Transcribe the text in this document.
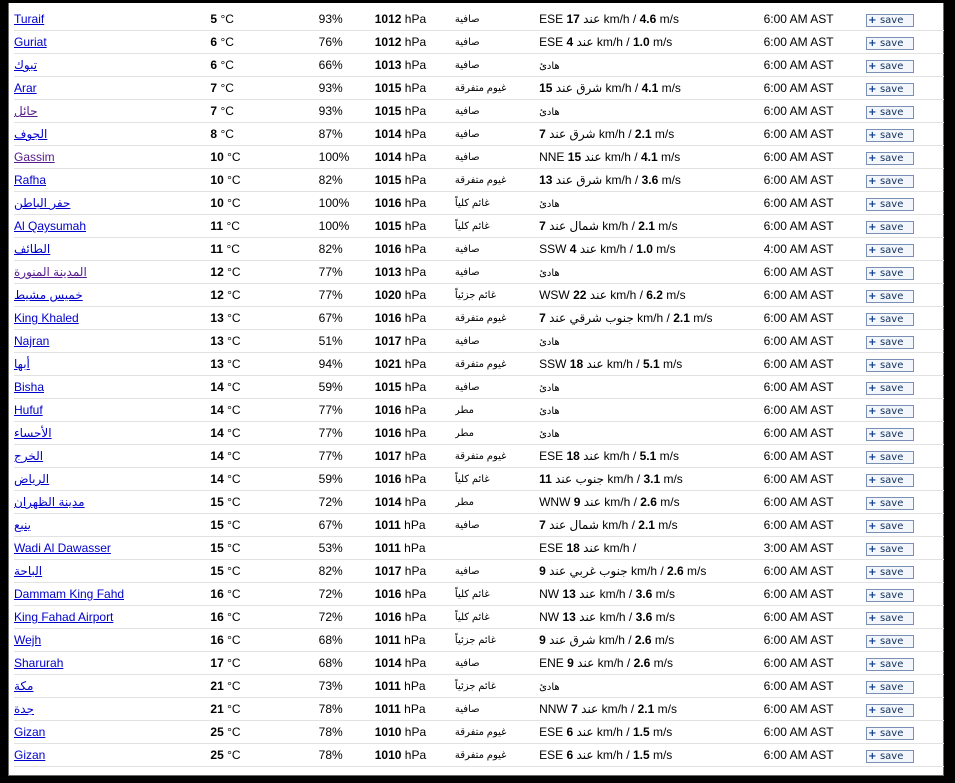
Turaif	5 °C	93%	1012 hPa	صافية	ESE 17 عند km/h / 4.6 m/s	6:00 AM AST	+ save
Guriat	6 °C	76%	1012 hPa	صافية	ESE 4 عند km/h / 1.0 m/s	6:00 AM AST	+ save
تبوك	6 °C	66%	1013 hPa	صافية	هادئ	6:00 AM AST	+ save
Arar	7 °C	93%	1015 hPa	غيوم متفرقة	شرق عند 15 km/h / 4.1 m/s	6:00 AM AST	+ save
حائل	7 °C	93%	1015 hPa	صافية	هادئ	6:00 AM AST	+ save
الجوف	8 °C	87%	1014 hPa	صافية	شرق عند 7 km/h / 2.1 m/s	6:00 AM AST	+ save
Gassim	10 °C	100%	1014 hPa	صافية	NNE 15 عند km/h / 4.1 m/s	6:00 AM AST	+ save
Rafha	10 °C	82%	1015 hPa	غيوم متفرقة	شرق عند 13 km/h / 3.6 m/s	6:00 AM AST	+ save
حفر الباطن	10 °C	100%	1016 hPa	غائم كلياً	هادئ	6:00 AM AST	+ save
Al Qaysumah	11 °C	100%	1015 hPa	غائم كلياً	شمال عند 7 km/h / 2.1 m/s	6:00 AM AST	+ save
الطائف	11 °C	82%	1016 hPa	صافية	SSW 4 عند km/h / 1.0 m/s	4:00 AM AST	+ save
المدينة المنورة	12 °C	77%	1013 hPa	صافية	هادئ	6:00 AM AST	+ save
خميس مشيط	12 °C	77%	1020 hPa	غائم جزئياً	WSW 22 عند km/h / 6.2 m/s	6:00 AM AST	+ save
King Khaled	13 °C	67%	1016 hPa	غيوم متفرقة	جنوب شرقي عند 7 km/h / 2.1 m/s	6:00 AM AST	+ save
Najran	13 °C	51%	1017 hPa	صافية	هادئ	6:00 AM AST	+ save
أبها	13 °C	94%	1021 hPa	غيوم متفرقة	SSW 18 عند km/h / 5.1 m/s	6:00 AM AST	+ save
Bisha	14 °C	59%	1015 hPa	صافية	هادئ	6:00 AM AST	+ save
Hufuf	14 °C	77%	1016 hPa	مطر	هادئ	6:00 AM AST	+ save
الأحساء	14 °C	77%	1016 hPa	مطر	هادئ	6:00 AM AST	+ save
الخرج	14 °C	77%	1017 hPa	غيوم متفرقة	ESE 18 عند km/h / 5.1 m/s	6:00 AM AST	+ save
الرياض	14 °C	59%	1016 hPa	غائم كلياً	جنوب عند 11 km/h / 3.1 m/s	6:00 AM AST	+ save
مدينة الظهران	15 °C	72%	1014 hPa	مطر	WNW 9 عند km/h / 2.6 m/s	6:00 AM AST	+ save
ينبع	15 °C	67%	1011 hPa	صافية	شمال عند 7 km/h / 2.1 m/s	6:00 AM AST	+ save
Wadi Al Dawasser	15 °C	53%	1011 hPa		ESE 18 عند km/h /	3:00 AM AST	+ save
الباحة	15 °C	82%	1017 hPa	صافية	جنوب غربي عند 9 km/h / 2.6 m/s	6:00 AM AST	+ save
Dammam King Fahd	16 °C	72%	1016 hPa	غائم كلياً	NW 13 عند km/h / 3.6 m/s	6:00 AM AST	+ save
King Fahad Airport	16 °C	72%	1016 hPa	غائم كلياً	NW 13 عند km/h / 3.6 m/s	6:00 AM AST	+ save
Wejh	16 °C	68%	1011 hPa	غائم جزئياً	شرق عند 9 km/h / 2.6 m/s	6:00 AM AST	+ save
Sharurah	17 °C	68%	1014 hPa	صافية	ENE 9 عند km/h / 2.6 m/s	6:00 AM AST	+ save
مكة	21 °C	73%	1011 hPa	غائم جزئياً	هادئ	6:00 AM AST	+ save
جدة	21 °C	78%	1011 hPa	صافية	NNW 7 عند km/h / 2.1 m/s	6:00 AM AST	+ save
Gizan	25 °C	78%	1010 hPa	غيوم متفرقة	ESE 6 عند km/h / 1.5 m/s	6:00 AM AST	+ save
Gizan	25 °C	78%	1010 hPa	غيوم متفرقة	ESE 6 عند km/h / 1.5 m/s	6:00 AM AST	+ save
